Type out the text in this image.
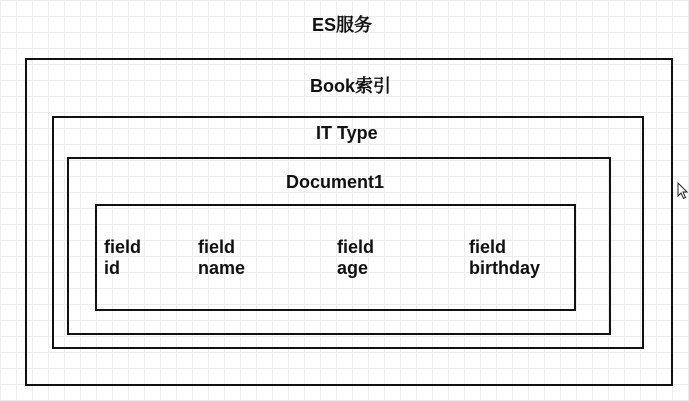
ES服务
Book索引
IT Type
Document1
field
id
field
name
field
age
field
birthday
